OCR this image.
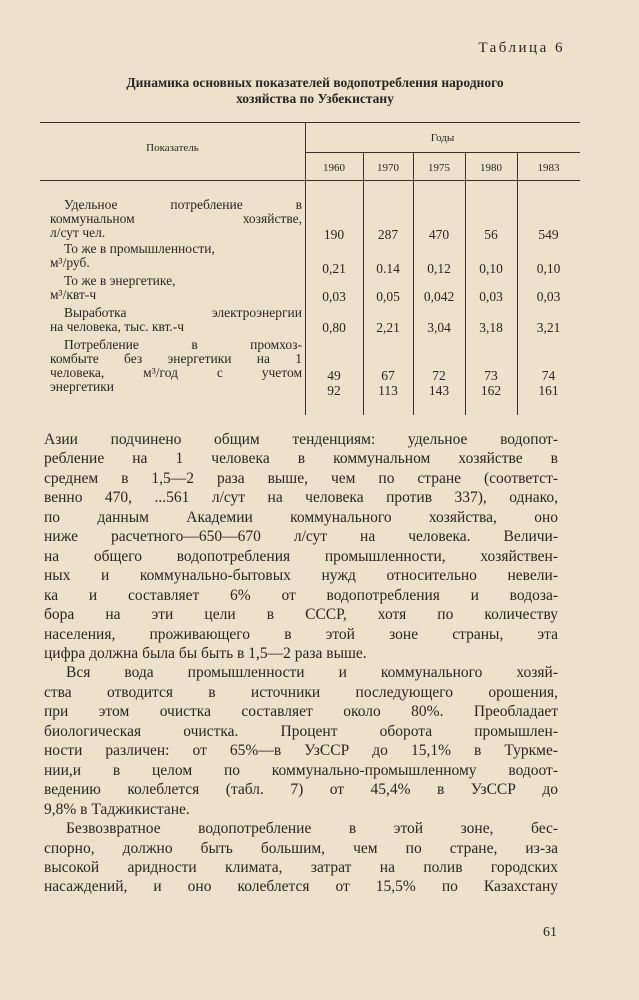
Таблица 6
Динамика основных показателей водопотребления народного
хозяйства по Узбекистану
Показатель
Годы
1960	1970	1975	1980	1983
Удельное потребление в
коммунальном хозяйстве,
л/сут чел.	190	287	470	56	549
То же в промышленности,
м³/руб.	0,21	0.14	0,12	0,10	0,10
То же в энергетике,
м³/квт-ч	0,03	0,05	0,042	0,03	0,03
Выработка электроэнергии
на человека, тыс. квт.-ч	0,80	2,21	3,04	3,18	3,21
Потребление в промхоз-
комбыте без энергетики на 1
человека, м³/год с учетом
энергетики
49	67	72	73	74
92	113	143	162	161
Азии подчинено общим тенденциям: удельное водопот-
ребление на 1 человека в коммунальном хозяйстве в
среднем в 1,5—2 раза выше, чем по стране (соответст-
венно 470, ...561 л/сут на человека против 337), однако,
по данным Академии коммунального хозяйства, оно
ниже расчетного—650—670 л/сут на человека. Величи-
на общего водопотребления промышленности, хозяйствен-
ных и коммунально-бытовых нужд относительно невели-
ка и составляет 6% от водопотребления и водоза-
бора на эти цели в СССР, хотя по количеству
населения, проживающего в этой зоне страны, эта
цифра должна была бы быть в 1,5—2 раза выше.
Вся вода промышленности и коммунального хозяй-
ства отводится в источники последующего орошения,
при этом очистка составляет около 80%. Преобладает
биологическая очистка. Процент оборота промышлен-
ности различен: от 65%—в УзССР до 15,1% в Туркме-
нии,и в целом по коммунально-промышленному водоот-
ведению колеблется (табл. 7) от 45,4% в УзССР до
9,8% в Таджикистане.
Безвозвратное водопотребление в этой зоне, бес-
спорно, должно быть большим, чем по стране, из-за
высокой аридности климата, затрат на полив городских
насаждений, и оно колеблется от 15,5% по Казахстану
61
